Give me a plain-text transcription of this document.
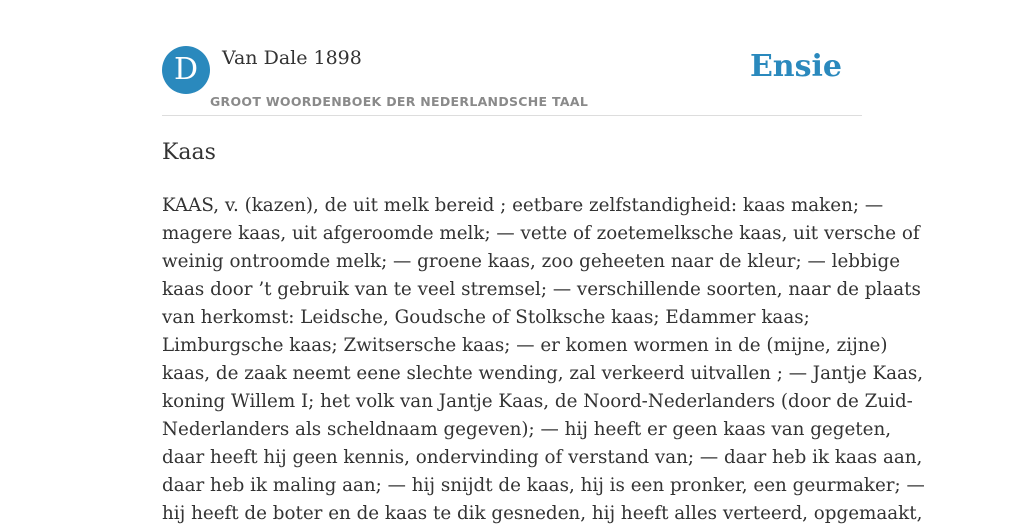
D	Van Dale 1898
GROOT WOORDENBOEK DER NEDERLANDSCHE TAAL
Ensie
Kaas
KAAS, v. (kazen), de uit melk bereid ; eetbare zelfstandigheid: kaas maken; —
magere kaas, uit afgeroomde melk; — vette of zoetemelksche kaas, uit versche of
weinig ontroomde melk; — groene kaas, zoo geheeten naar de kleur; — lebbige
kaas door ’t gebruik van te veel stremsel; — verschillende soorten, naar de plaats
van herkomst: Leidsche, Goudsche of Stolksche kaas; Edammer kaas;
Limburgsche kaas; Zwitsersche kaas; — er komen wormen in de (mijne, zijne)
kaas, de zaak neemt eene slechte wending, zal verkeerd uitvallen ; — Jantje Kaas,
koning Willem I; het volk van Jantje Kaas, de Noord-Nederlanders (door de Zuid-
Nederlanders als scheldnaam gegeven); — hij heeft er geen kaas van gegeten,
daar heeft hij geen kennis, ondervinding of verstand van; — daar heb ik kaas aan,
daar heb ik maling aan; — hij snijdt de kaas, hij is een pronker, een geurmaker; —
hij heeft de boter en de kaas te dik gesneden, hij heeft alles verteerd, opgemaakt,
